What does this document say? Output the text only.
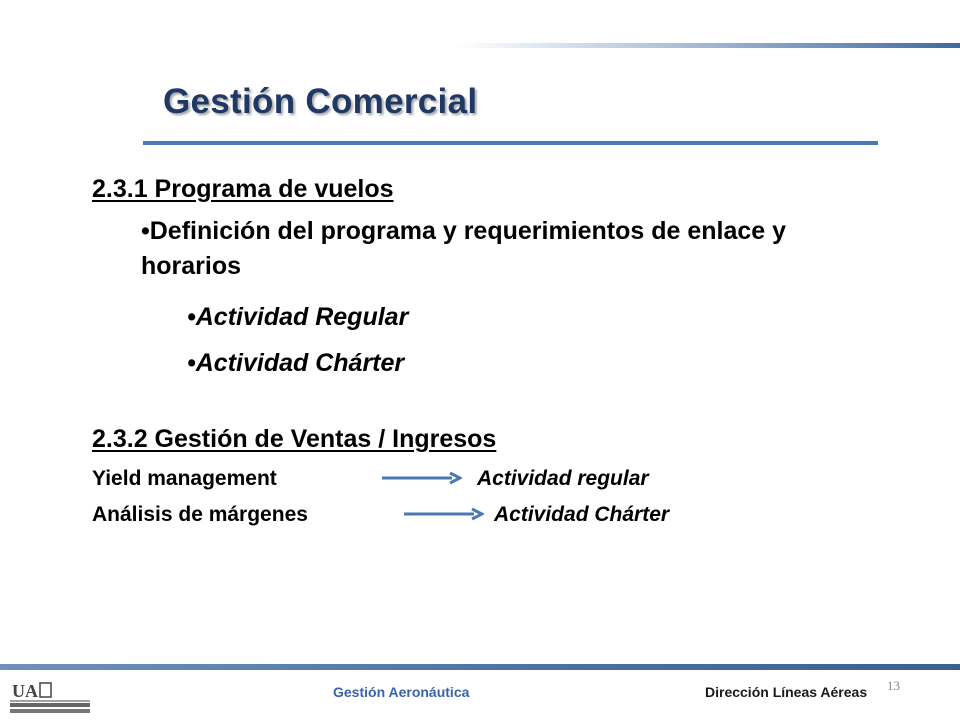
Gestión Comercial
2.3.1 Programa de vuelos
•Definición del programa y requerimientos de enlace y horarios
•Actividad Regular
•Actividad Chárter
2.3.2 Gestión de Ventas / Ingresos
Yield management	Actividad regular
Análisis de márgenes	Actividad Chárter
UA	Gestión Aeronáutica	Dirección Líneas Aéreas 13
